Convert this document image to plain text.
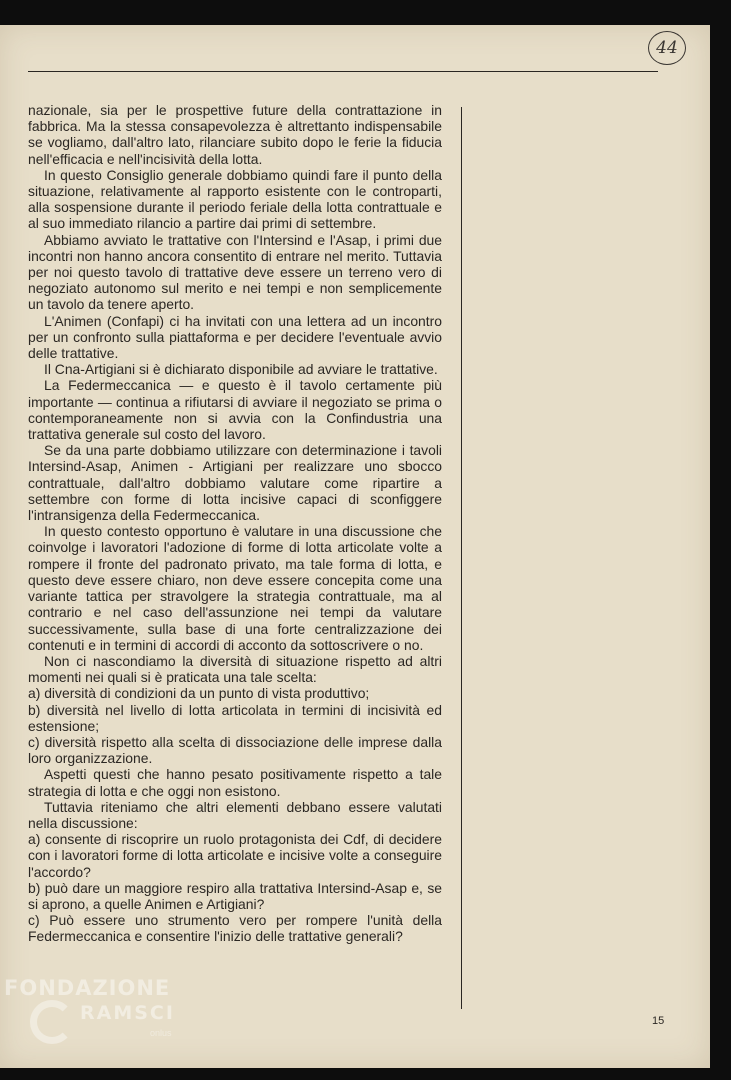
44

nazionale, sia per le prospettive future della contrattazione in fabbrica. Ma la stessa consapevolezza è altrettanto indispensabile se vogliamo, dall'altro lato, rilanciare subito dopo le ferie la fiducia nell'efficacia e nell'incisività della lotta.

In questo Consiglio generale dobbiamo quindi fare il punto della situazione, relativamente al rapporto esistente con le controparti, alla sospensione durante il periodo feriale della lotta contrattuale e al suo immediato rilancio a partire dai primi di settembre.

Abbiamo avviato le trattative con l'Intersind e l'Asap, i primi due incontri non hanno ancora consentito di entrare nel merito. Tuttavia per noi questo tavolo di trattative deve essere un terreno vero di negoziato autonomo sul merito e nei tempi e non semplicemente un tavolo da tenere aperto.

L'Animen (Confapi) ci ha invitati con una lettera ad un incontro per un confronto sulla piattaforma e per decidere l'eventuale avvio delle trattative.

Il Cna-Artigiani si è dichiarato disponibile ad avviare le trattative.

La Federmeccanica — e questo è il tavolo certamente più importante — continua a rifiutarsi di avviare il negoziato se prima o contemporaneamente non si avvia con la Confindustria una trattativa generale sul costo del lavoro.

Se da una parte dobbiamo utilizzare con determinazione i tavoli Intersind-Asap, Animen - Artigiani per realizzare uno sbocco contrattuale, dall'altro dobbiamo valutare come ripartire a settembre con forme di lotta incisive capaci di sconfiggere l'intransigenza della Federmeccanica.

In questo contesto opportuno è valutare in una discussione che coinvolge i lavoratori l'adozione di forme di lotta articolate volte a rompere il fronte del padronato privato, ma tale forma di lotta, e questo deve essere chiaro, non deve essere concepita come una variante tattica per stravolgere la strategia contrattuale, ma al contrario e nel caso dell'assunzione nei tempi da valutare successivamente, sulla base di una forte centralizzazione dei contenuti e in termini di accordi di acconto da sottoscrivere o no.

Non ci nascondiamo la diversità di situazione rispetto ad altri momenti nei quali si è praticata una tale scelta:

a) diversità di condizioni da un punto di vista produttivo;

b) diversità nel livello di lotta articolata in termini di incisività ed estensione;

c) diversità rispetto alla scelta di dissociazione delle imprese dalla loro organizzazione.

Aspetti questi che hanno pesato positivamente rispetto a tale strategia di lotta e che oggi non esistono.

Tuttavia riteniamo che altri elementi debbano essere valutati nella discussione:

a) consente di riscoprire un ruolo protagonista dei Cdf, di decidere con i lavoratori forme di lotta articolate e incisive volte a conseguire l'accordo?

b) può dare un maggiore respiro alla trattativa Intersind-Asap e, se si aprono, a quelle Animen e Artigiani?

c) Può essere uno strumento vero per rompere l'unità della Federmeccanica e consentire l'inizio delle trattative generali?

15
FONDAZIONE
RAMSCI
onlus
